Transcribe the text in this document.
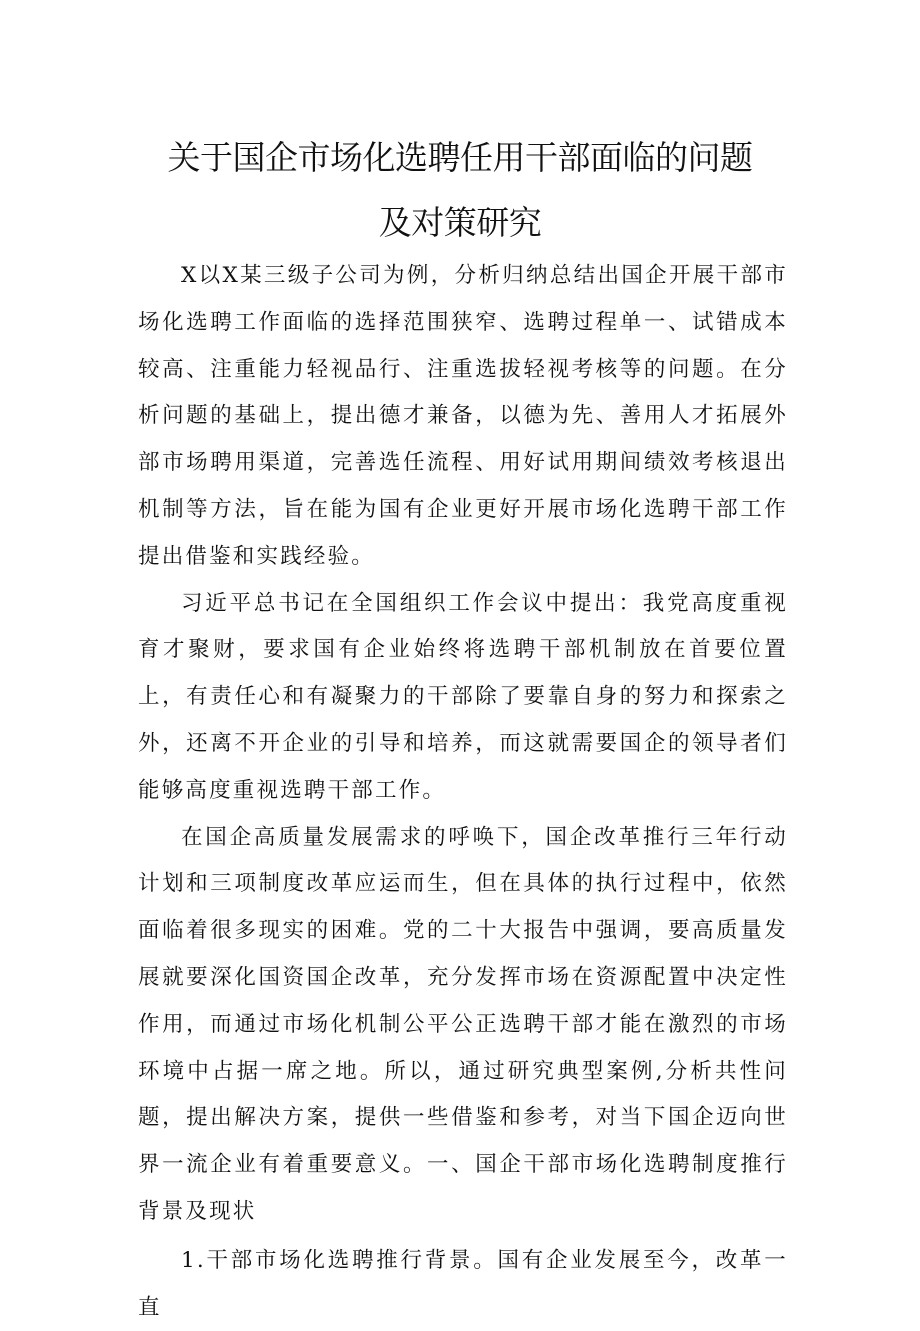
关于国企市场化选聘任用干部面临的问题
及对策研究

X以X某三级子公司为例，分析归纳总结出国企开展干部市场化选聘工作面临的选择范围狭窄、选聘过程单一、试错成本较高、注重能力轻视品行、注重选拔轻视考核等的问题。在分析问题的基础上，提出德才兼备，以德为先、善用人才拓展外部市场聘用渠道，完善选任流程、用好试用期间绩效考核退出机制等方法，旨在能为国有企业更好开展市场化选聘干部工作提出借鉴和实践经验。

习近平总书记在全国组织工作会议中提出：我党高度重视育才聚财，要求国有企业始终将选聘干部机制放在首要位置上，有责任心和有凝聚力的干部除了要靠自身的努力和探索之外，还离不开企业的引导和培养，而这就需要国企的领导者们能够高度重视选聘干部工作。

在国企高质量发展需求的呼唤下，国企改革推行三年行动计划和三项制度改革应运而生，但在具体的执行过程中，依然面临着很多现实的困难。党的二十大报告中强调，要高质量发展就要深化国资国企改革，充分发挥市场在资源配置中决定性作用，而通过市场化机制公平公正选聘干部才能在激烈的市场环境中占据一席之地。所以，通过研究典型案例,分析共性问题，提出解决方案，提供一些借鉴和参考，对当下国企迈向世界一流企业有着重要意义。一、国企干部市场化选聘制度推行背景及现状

1.干部市场化选聘推行背景。国有企业发展至今，改革一直
